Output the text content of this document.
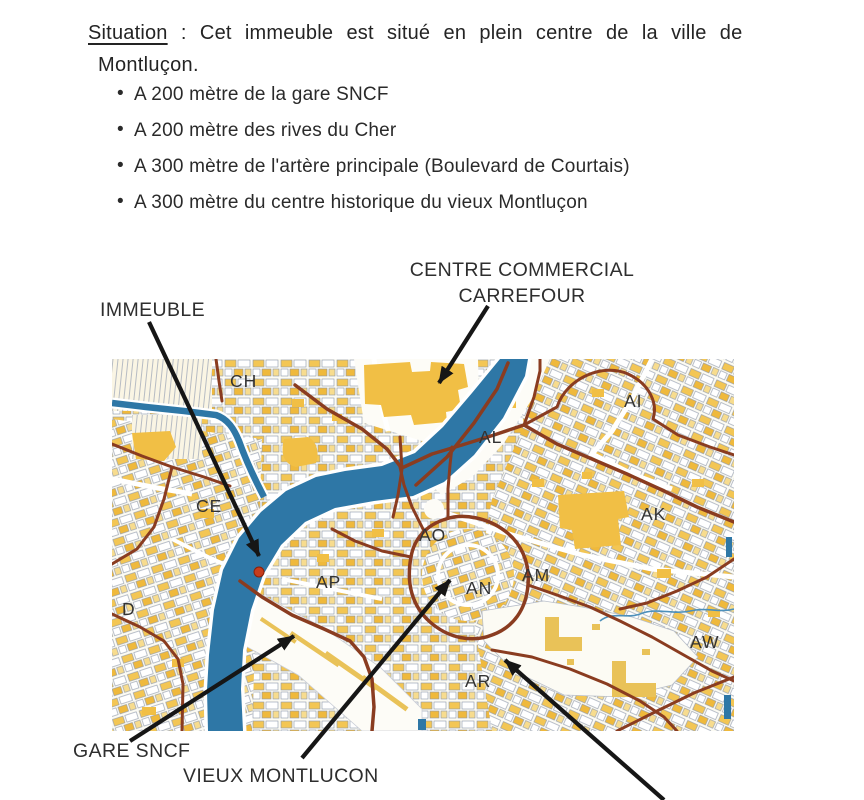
Situation : Cet immeuble est situé en plein centre de la ville de
Montluçon.
• A 200 mètre de la gare SNCF
• A 200 mètre des rives du Cher
• A 300 mètre de l'artère principale (Boulevard de Courtais)
• A 300 mètre du centre historique du vieux Montluçon
CENTRE COMMERCIAL
CARREFOUR
IMMEUBLE
GARE SNCF
VIEUX MONTLUCON
CH
AL
AI
CE	AK
AO
AP	AM
AN
D
AR
AW
